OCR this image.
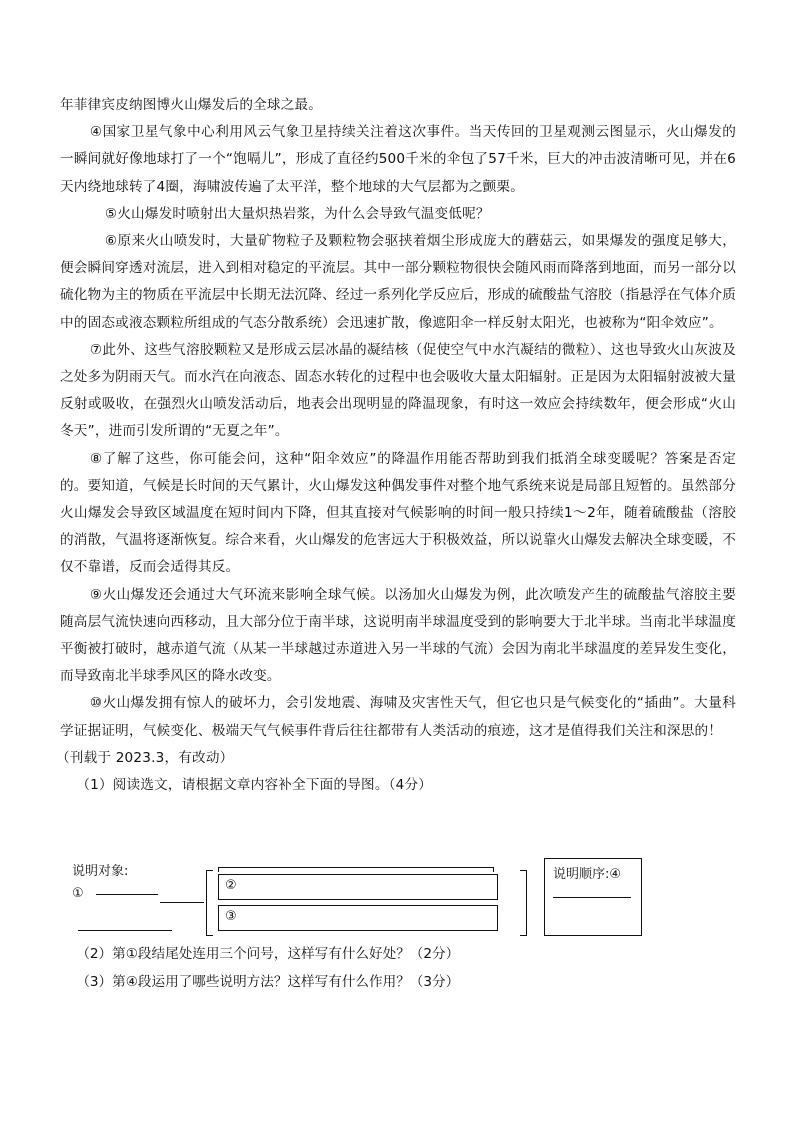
年菲律宾皮纳图博火山爆发后的全球之最。

④国家卫星气象中心利用风云气象卫星持续关注着这次事件。当天传回的卫星观测云图显示，火山爆发的一瞬间就好像地球打了一个“饱嗝儿”，形成了直径约500千米的伞包了57千米，巨大的冲击波清晰可见，并在6天内绕地球转了4圈，海啸波传遍了太平洋，整个地球的大气层都为之颤栗。

⑤火山爆发时喷射出大量炽热岩浆，为什么会导致气温变低呢？

⑥原来火山喷发时，大量矿物粒子及颗粒物会驱挟着烟尘形成庞大的蘑菇云，如果爆发的强度足够大，便会瞬间穿透对流层，进入到相对稳定的平流层。其中一部分颗粒物很快会随风雨而降落到地面，而另一部分以硫化物为主的物质在平流层中长期无法沉降、经过一系列化学反应后，形成的硫酸盐气溶胶（指悬浮在气体介质中的固态或液态颗粒所组成的气态分散系统）会迅速扩散，像遮阳伞一样反射太阳光，也被称为“阳伞效应”。

⑦此外、这些气溶胶颗粒又是形成云层冰晶的凝结核（促使空气中水汽凝结的微粒）、这也导致火山灰波及之处多为阴雨天气。而水汽在向液态、固态水转化的过程中也会吸收大量太阳辐射。正是因为太阳辐射波被大量反射或吸收，在强烈火山喷发活动后，地表会出现明显的降温现象，有时这一效应会持续数年，便会形成“火山冬天”，进而引发所谓的“无夏之年”。

⑧了解了这些，你可能会问，这种“阳伞效应”的降温作用能否帮助到我们抵消全球变暖呢？答案是否定的。要知道，气候是长时间的天气累计，火山爆发这种偶发事件对整个地气系统来说是局部且短暂的。虽然部分火山爆发会导致区域温度在短时间内下降，但其直接对气候影响的时间一般只持续1～2年，随着硫酸盐（溶胶的消散，气温将逐渐恢复。综合来看，火山爆发的危害远大于积极效益，所以说靠火山爆发去解决全球变暖，不仅不靠谱，反而会适得其反。

⑨火山爆发还会通过大气环流来影响全球气候。以汤加火山爆发为例，此次喷发产生的硫酸盐气溶胶主要随高层气流快速向西移动，且大部分位于南半球，这说明南半球温度受到的影响要大于北半球。当南北半球温度平衡被打破时，越赤道气流（从某一半球越过赤道进入另一半球的气流）会因为南北半球温度的差异发生变化，而导致南北半球季风区的降水改变。

⑩火山爆发拥有惊人的破坏力，会引发地震、海啸及灾害性天气，但它也只是气候变化的“插曲”。大量科学证据证明，气候变化、极端天气气候事件背后往往都带有人类活动的痕迹，这才是值得我们关注和深思的！

（刊载于 2023.3，有改动）

（1）阅读选文，请根据文章内容补全下面的导图。（4分）

说明对象:
①
②
③
说明顺序:④

（2）第①段结尾处连用三个问号，这样写有什么好处？（2分）

（3）第④段运用了哪些说明方法？这样写有什么作用？（3分）
